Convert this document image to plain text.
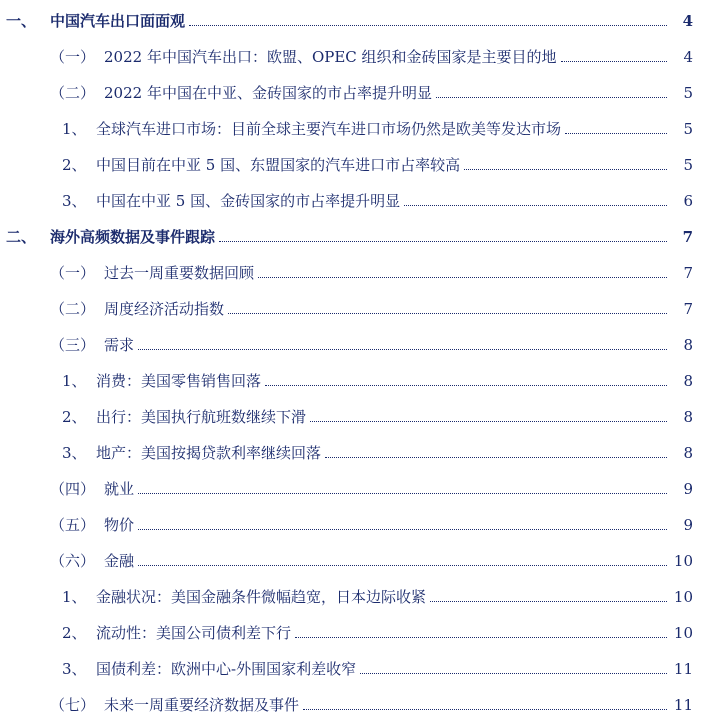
一、 中国汽车出口面面观	4
（一） 2022 年中国汽车出口：欧盟、OPEC 组织和金砖国家是主要目的地	4
（二） 2022 年中国在中亚、金砖国家的市占率提升明显	5
1、 全球汽车进口市场：目前全球主要汽车进口市场仍然是欧美等发达市场	5
2、 中国目前在中亚 5 国、东盟国家的汽车进口市占率较高	5
3、 中国在中亚 5 国、金砖国家的市占率提升明显	6
二、 海外高频数据及事件跟踪	7
（一） 过去一周重要数据回顾	7
（二） 周度经济活动指数	7
（三） 需求	8
1、 消费：美国零售销售回落	8
2、 出行：美国执行航班数继续下滑	8
3、 地产：美国按揭贷款利率继续回落	8
（四） 就业	9
（五） 物价	9
（六） 金融	10
1、 金融状况：美国金融条件微幅趋宽，日本边际收紧	10
2、 流动性：美国公司债利差下行	10
3、 国债利差：欧洲中心-外围国家利差收窄	11
（七） 未来一周重要经济数据及事件	11
